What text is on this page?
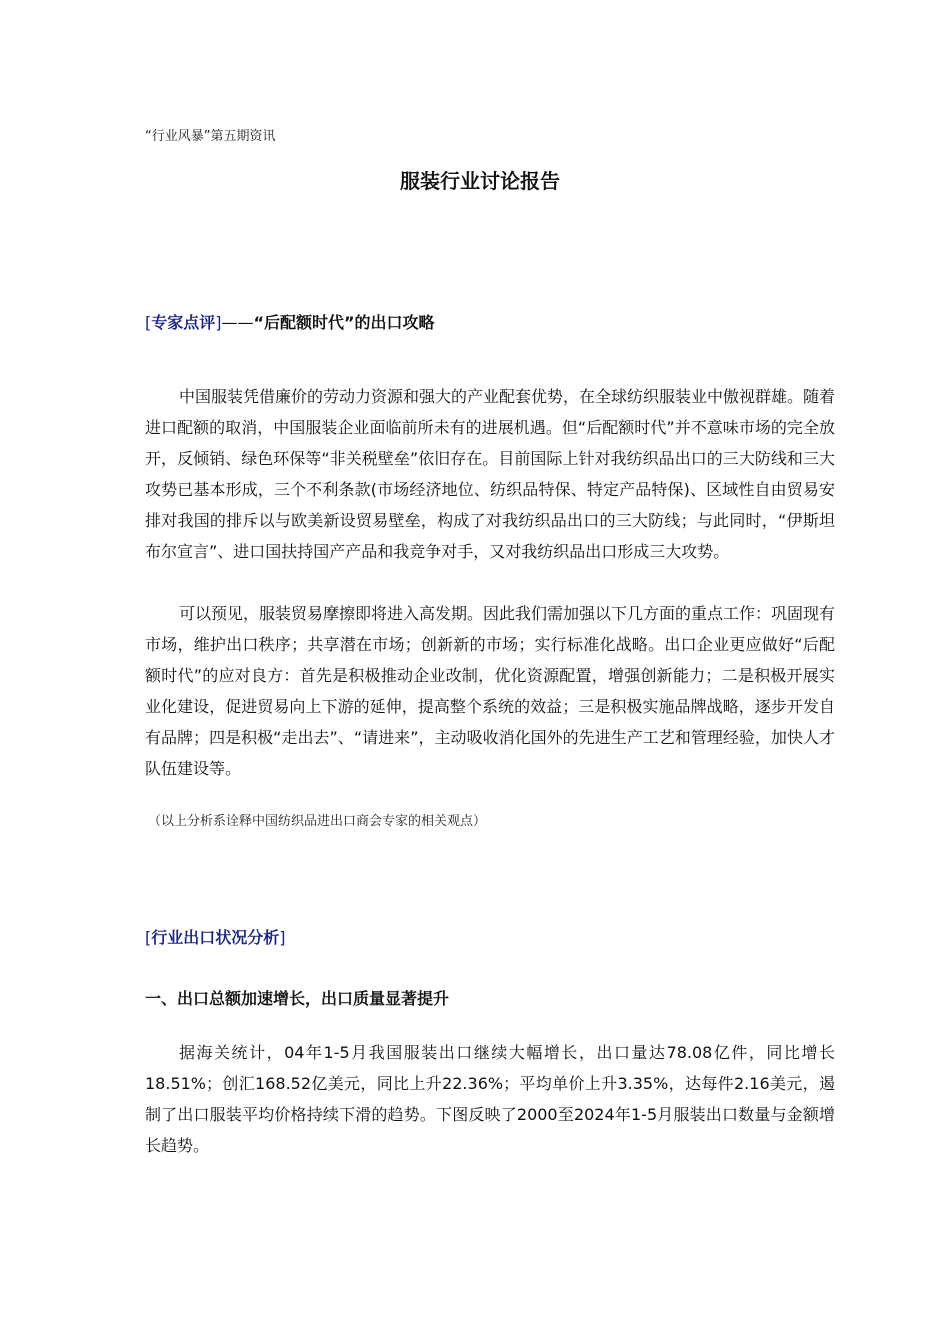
“行业风暴”第五期资讯
服装行业讨论报告
[专家点评]——“后配额时代”的出口攻略

中国服装凭借廉价的劳动力资源和强大的产业配套优势，在全球纺织服装业中傲视群雄。随着进口配额的取消，中国服装企业面临前所未有的进展机遇。但“后配额时代”并不意味市场的完全放开，反倾销、绿色环保等“非关税壁垒”依旧存在。目前国际上针对我纺织品出口的三大防线和三大攻势已基本形成，三个不利条款(市场经济地位、纺织品特保、特定产品特保)、区域性自由贸易安排对我国的排斥以与欧美新设贸易壁垒，构成了对我纺织品出口的三大防线；与此同时，“伊斯坦布尔宣言”、进口国扶持国产产品和我竞争对手，又对我纺织品出口形成三大攻势。

可以预见，服装贸易摩擦即将进入高发期。因此我们需加强以下几方面的重点工作：巩固现有市场，维护出口秩序；共享潜在市场；创新新的市场；实行标准化战略。出口企业更应做好“后配额时代”的应对良方：首先是积极推动企业改制，优化资源配置，增强创新能力；二是积极开展实业化建设，促进贸易向上下游的延伸，提高整个系统的效益；三是积极实施品牌战略，逐步开发自有品牌；四是积极“走出去”、“请进来”，主动吸收消化国外的先进生产工艺和管理经验，加快人才队伍建设等。

（以上分析系诠释中国纺织品进出口商会专家的相关观点）
[行业出口状况分析]
一、出口总额加速增长，出口质量显著提升

据海关统计，04年1-5月我国服装出口继续大幅增长，出口量达78.08亿件，同比增长18.51%；创汇168.52亿美元，同比上升22.36%；平均单价上升3.35%，达每件2.16美元，遏制了出口服装平均价格持续下滑的趋势。下图反映了2000至2024年1-5月服装出口数量与金额增长趋势。
